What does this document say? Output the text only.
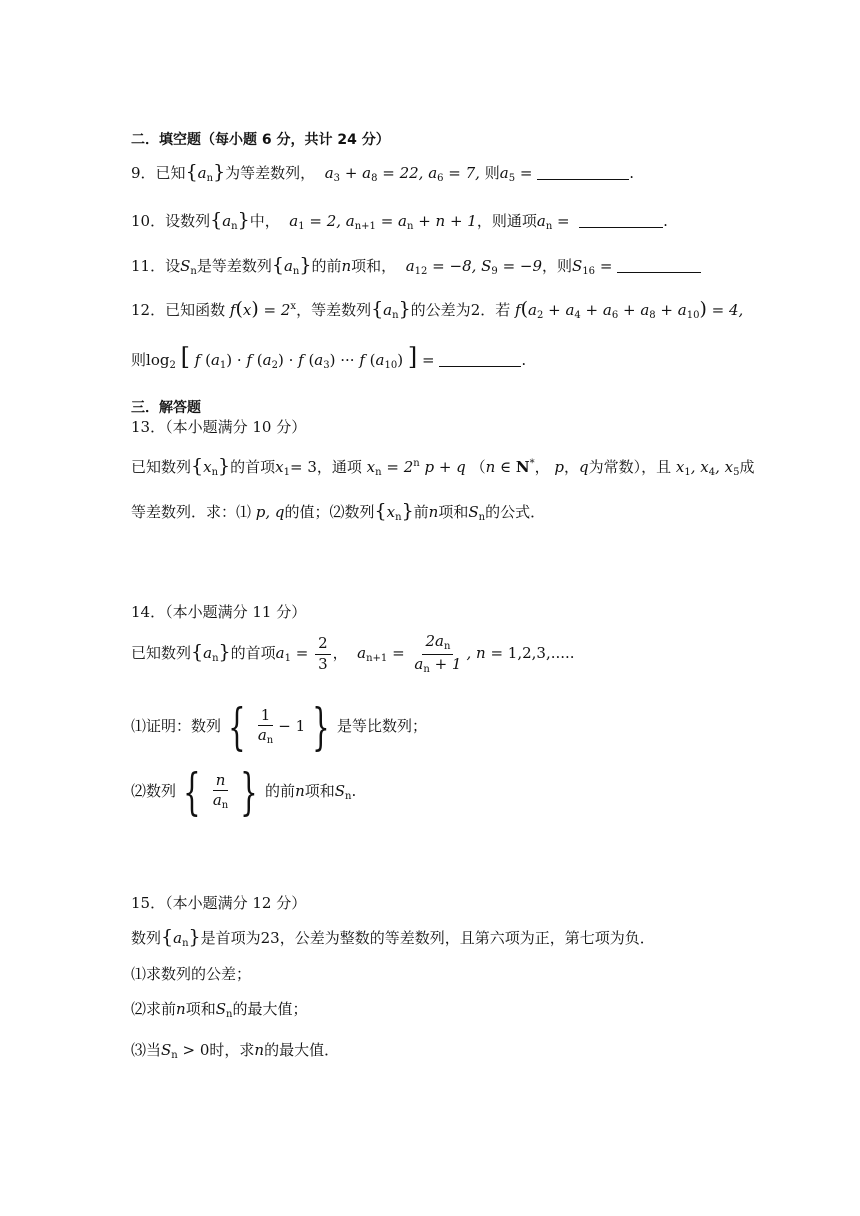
二．填空题（每小题 6 分，共计 24 分）
9．已知$\{a_n\}$为等差数列，  $a_3 + a_8 = 22$, $a_6 = 7$, 则$a_5$ =	.
10．设数列$\{a_n\}$中，  $a_1 = 2$, $a_{n+1} = a_n + n + 1$，则通项$a_n$ =	.
11．设$S_n$是等差数列$\{a_n\}$的前n项和，  $a_{12} = -8$, $S_9 = -9$，则$S_{16}$ =
12．已知函数 $f(x) = 2^x$，等差数列$\{a_n\}$的公差为2．若 $f(a_2 + a_4 + a_6 + a_8 + a_{10}) = 4$,
则$\log_2$ [ f $(a_1) \cdot f$ $(a_2) \cdot f$ $(a_3)$ ··· f $(a_{10})$ ] =	.
三．解答题
13．（本小题满分 10 分）
已知数列$\{x_n\}$的首项$x_1= 3$，通项 $x_n = 2^n$ p + q （n ∈ N*， p，q为常数），且 $x_1$, $x_4$, $x_5$成
等差数列．求：⑴ p, q的值；⑵数列$\{x_n\}$前n项和$S_n$的公式．
14．（本小题满分 11 分）
已知数列$\{a_n\}$的首项$a_1 = \frac{2}{3}$ ，  $a_{n+1} = \frac{2a_n}{a_n + 1}$ , n = 1,2,3,.....
⑴证明：数列 { $\frac{1}{a_n} - 1$ } 是等比数列；
⑵数列 { $\frac{n}{a_n}$ } 的前n项和$S_n$.
15．（本小题满分 12 分）
数列$\{a_n\}$是首项为23，公差为整数的等差数列，且第六项为正，第七项为负．
⑴求数列的公差；
⑵求前n项和$S_n$的最大值；
⑶当$S_n > 0$时，求n的最大值．
